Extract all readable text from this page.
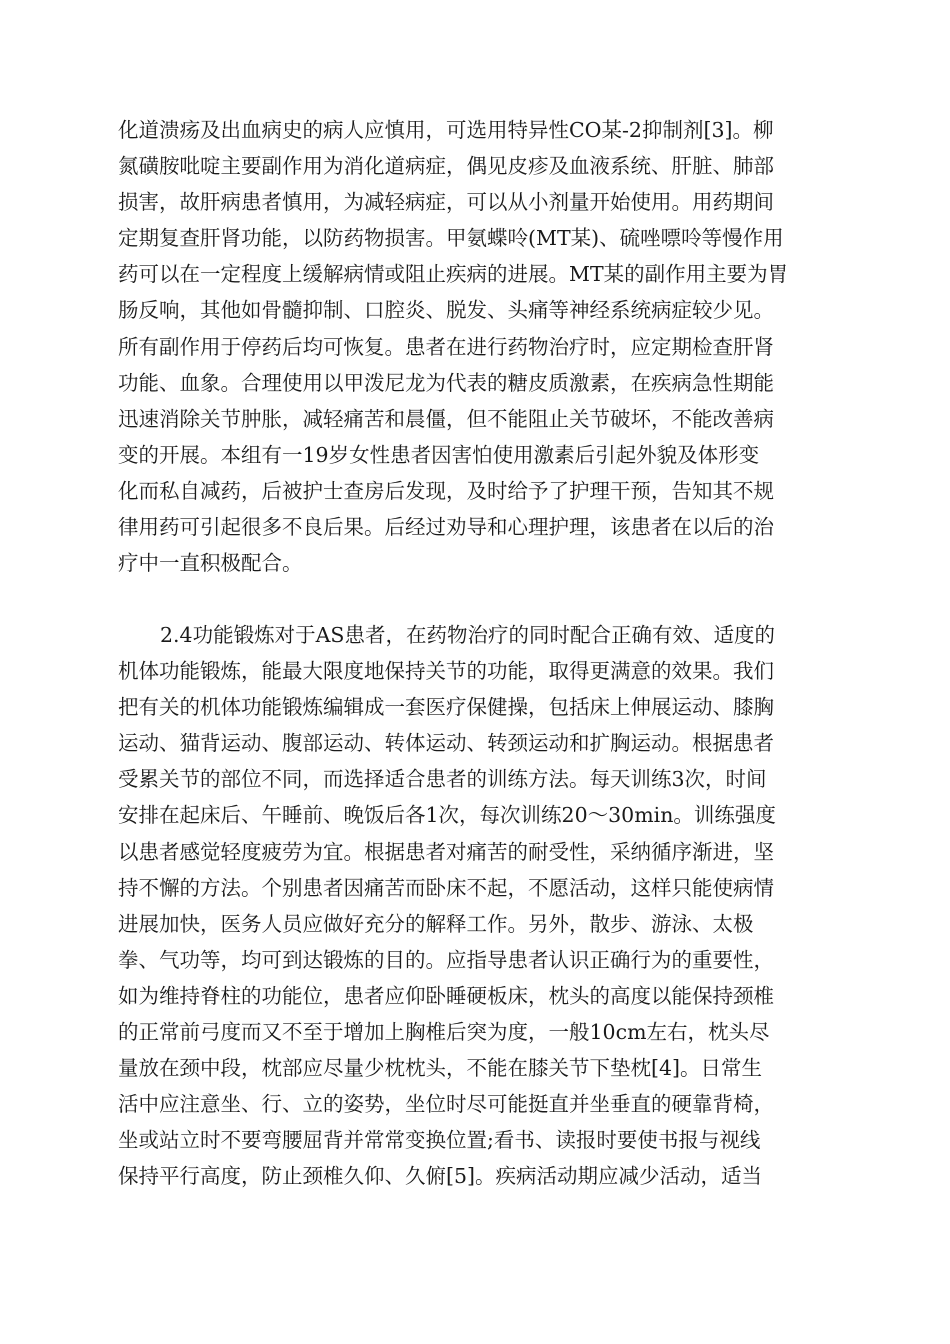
化道溃疡及出血病史的病人应慎用，可选用特异性CO某-2抑制剂[3]。柳
氮磺胺吡啶主要副作用为消化道病症，偶见皮疹及血液系统、肝脏、肺部
损害，故肝病患者慎用，为减轻病症，可以从小剂量开始使用。用药期间
定期复查肝肾功能，以防药物损害。甲氨蝶呤(MT某)、硫唑嘌呤等慢作用
药可以在一定程度上缓解病情或阻止疾病的进展。MT某的副作用主要为胃
肠反响，其他如骨髓抑制、口腔炎、脱发、头痛等神经系统病症较少见。
所有副作用于停药后均可恢复。患者在进行药物治疗时，应定期检查肝肾
功能、血象。合理使用以甲泼尼龙为代表的糖皮质激素，在疾病急性期能
迅速消除关节肿胀，减轻痛苦和晨僵，但不能阻止关节破坏，不能改善病
变的开展。本组有一19岁女性患者因害怕使用激素后引起外貌及体形变
化而私自减药，后被护士查房后发现，及时给予了护理干预，告知其不规
律用药可引起很多不良后果。后经过劝导和心理护理，该患者在以后的治
疗中一直积极配合。
2.4功能锻炼对于AS患者，在药物治疗的同时配合正确有效、适度的
机体功能锻炼，能最大限度地保持关节的功能，取得更满意的效果。我们
把有关的机体功能锻炼编辑成一套医疗保健操，包括床上伸展运动、膝胸
运动、猫背运动、腹部运动、转体运动、转颈运动和扩胸运动。根据患者
受累关节的部位不同，而选择适合患者的训练方法。每天训练3次，时间
安排在起床后、午睡前、晚饭后各1次，每次训练20～30min。训练强度
以患者感觉轻度疲劳为宜。根据患者对痛苦的耐受性，采纳循序渐进，坚
持不懈的方法。个别患者因痛苦而卧床不起，不愿活动，这样只能使病情
进展加快，医务人员应做好充分的解释工作。另外，散步、游泳、太极
拳、气功等，均可到达锻炼的目的。应指导患者认识正确行为的重要性，
如为维持脊柱的功能位，患者应仰卧睡硬板床，枕头的高度以能保持颈椎
的正常前弓度而又不至于增加上胸椎后突为度，一般10cm左右，枕头尽
量放在颈中段，枕部应尽量少枕枕头，不能在膝关节下垫枕[4]。日常生
活中应注意坐、行、立的姿势，坐位时尽可能挺直并坐垂直的硬靠背椅，
坐或站立时不要弯腰屈背并常常变换位置;看书、读报时要使书报与视线
保持平行高度，防止颈椎久仰、久俯[5]。疾病活动期应减少活动，适当
